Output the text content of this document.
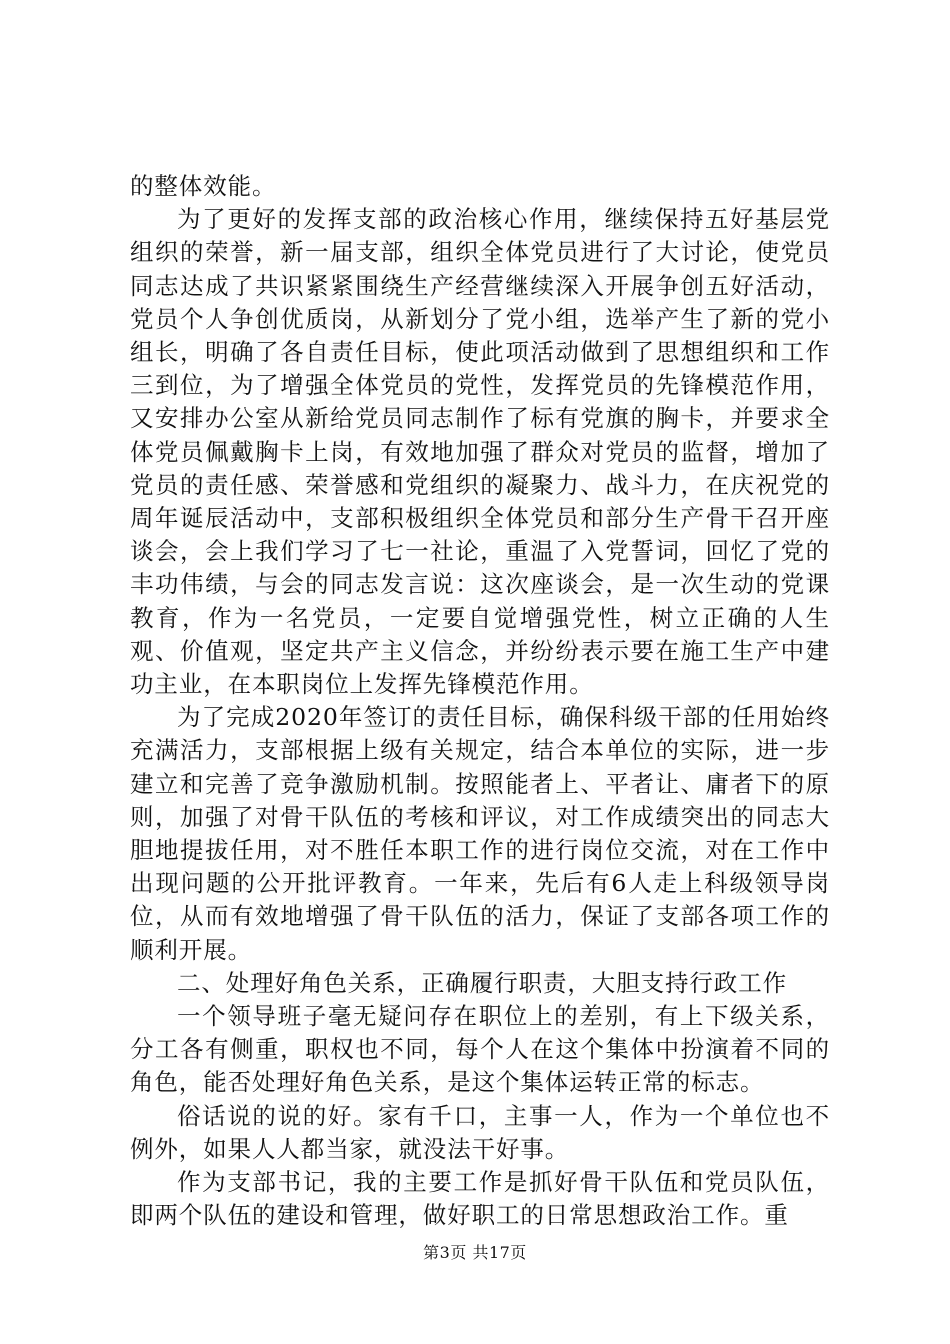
的整体效能。

为了更好的发挥支部的政治核心作用，继续保持五好基层党组织的荣誉，新一届支部，组织全体党员进行了大讨论，使党员同志达成了共识紧紧围绕生产经营继续深入开展争创五好活动，党员个人争创优质岗，从新划分了党小组，选举产生了新的党小组长，明确了各自责任目标，使此项活动做到了思想组织和工作三到位，为了增强全体党员的党性，发挥党员的先锋模范作用，又安排办公室从新给党员同志制作了标有党旗的胸卡，并要求全体党员佩戴胸卡上岗，有效地加强了群众对党员的监督，增加了党员的责任感、荣誉感和党组织的凝聚力、战斗力，在庆祝党的周年诞辰活动中，支部积极组织全体党员和部分生产骨干召开座谈会，会上我们学习了七一社论，重温了入党誓词，回忆了党的丰功伟绩，与会的同志发言说：这次座谈会，是一次生动的党课教育，作为一名党员，一定要自觉增强党性，树立正确的人生观、价值观，坚定共产主义信念，并纷纷表示要在施工生产中建功主业，在本职岗位上发挥先锋模范作用。

为了完成2020年签订的责任目标，确保科级干部的任用始终充满活力，支部根据上级有关规定，结合本单位的实际，进一步建立和完善了竞争激励机制。按照能者上、平者让、庸者下的原则，加强了对骨干队伍的考核和评议，对工作成绩突出的同志大胆地提拔任用，对不胜任本职工作的进行岗位交流，对在工作中出现问题的公开批评教育。一年来，先后有6人走上科级领导岗位，从而有效地增强了骨干队伍的活力，保证了支部各项工作的顺利开展。

二、处理好角色关系，正确履行职责，大胆支持行政工作

一个领导班子毫无疑问存在职位上的差别，有上下级关系，分工各有侧重，职权也不同，每个人在这个集体中扮演着不同的角色，能否处理好角色关系，是这个集体运转正常的标志。

俗话说的说的好。家有千口，主事一人，作为一个单位也不例外，如果人人都当家，就没法干好事。

作为支部书记，我的主要工作是抓好骨干队伍和党员队伍，即两个队伍的建设和管理，做好职工的日常思想政治工作。重

第3页 共17页
